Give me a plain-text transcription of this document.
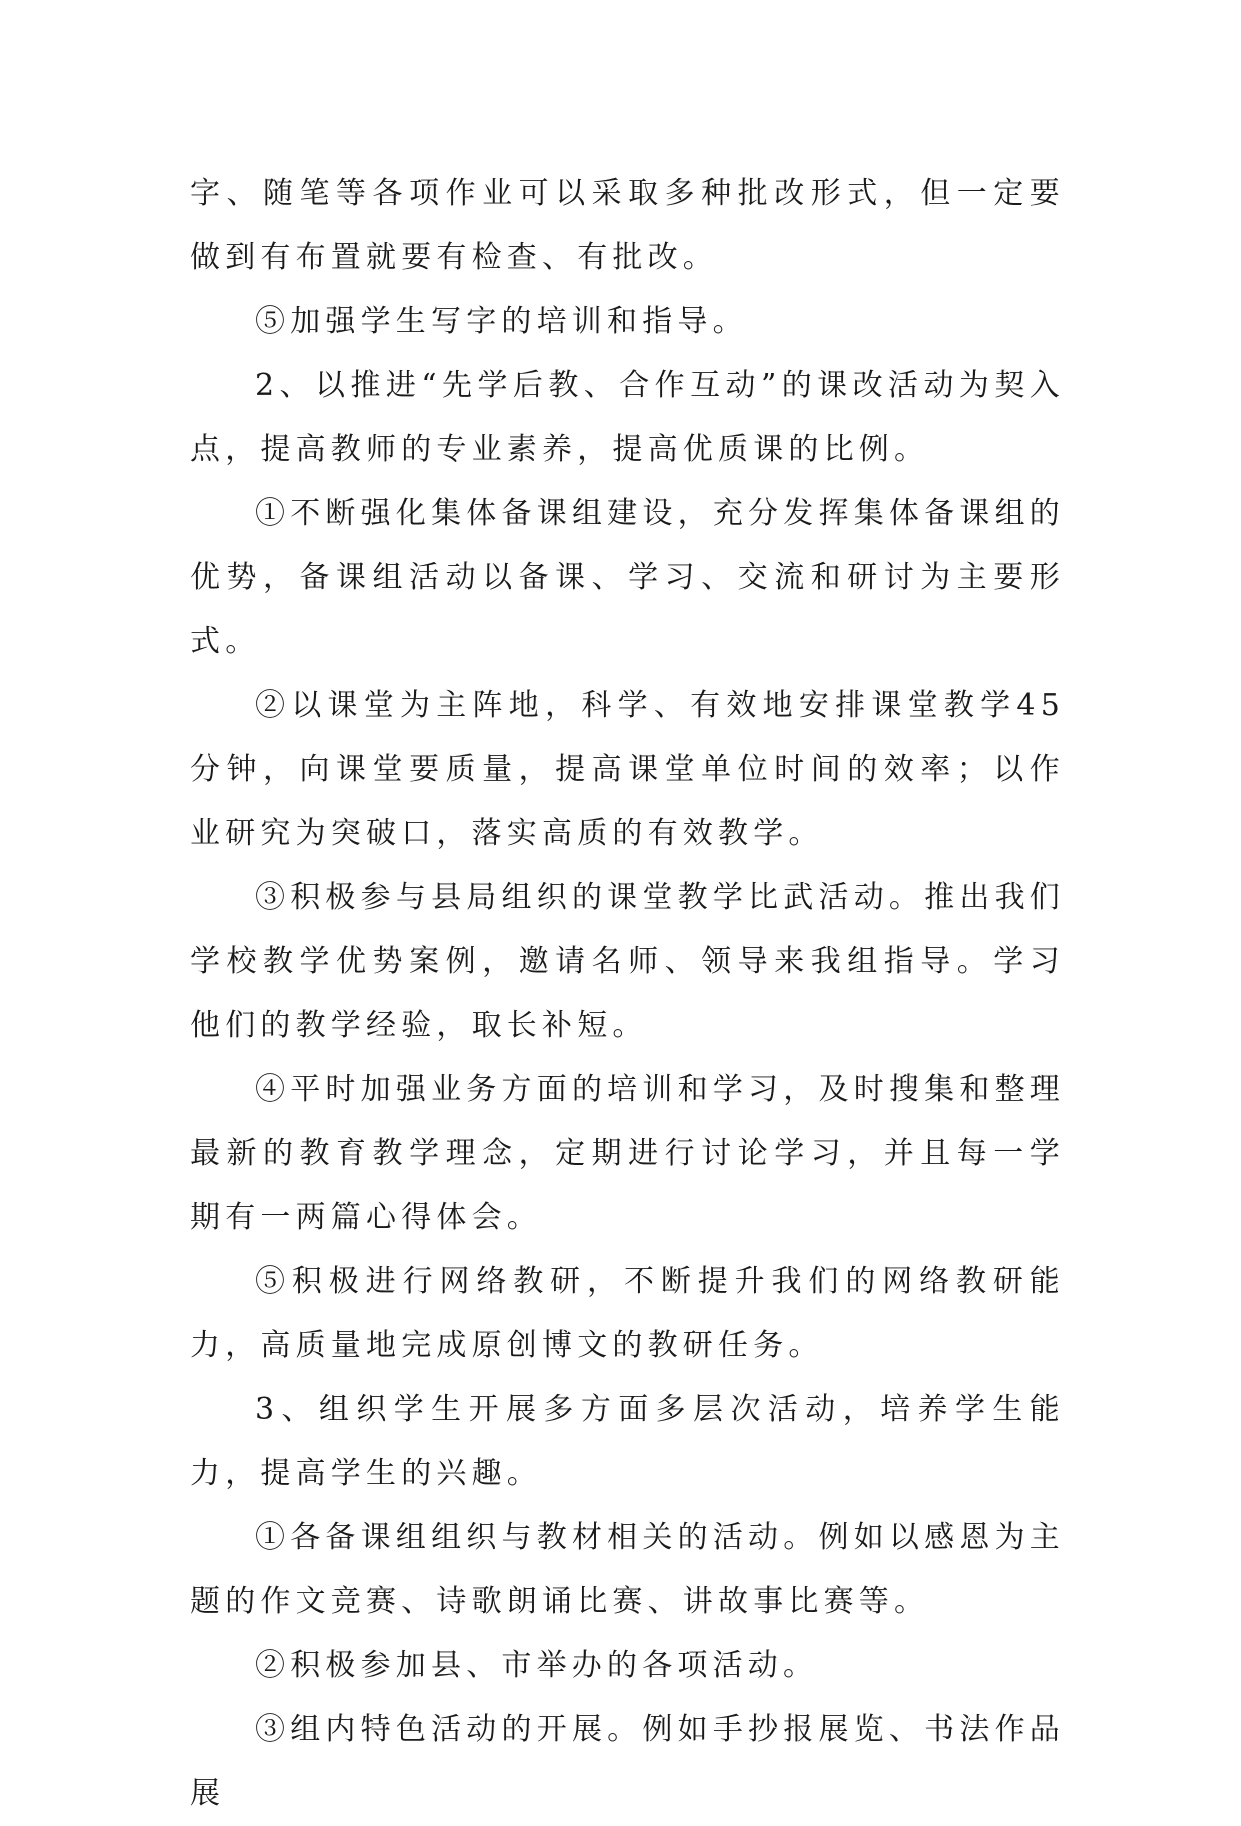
字、随笔等各项作业可以采取多种批改形式，但一定要做到有布置就要有检查、有批改。

⑤加强学生写字的培训和指导。

2、以推进“先学后教、合作互动”的课改活动为契入点，提高教师的专业素养，提高优质课的比例。

①不断强化集体备课组建设，充分发挥集体备课组的优势，备课组活动以备课、学习、交流和研讨为主要形式。

②以课堂为主阵地，科学、有效地安排课堂教学45分钟，向课堂要质量，提高课堂单位时间的效率；以作业研究为突破口，落实高质的有效教学。

③积极参与县局组织的课堂教学比武活动。推出我们学校教学优势案例，邀请名师、领导来我组指导。学习他们的教学经验，取长补短。

④平时加强业务方面的培训和学习，及时搜集和整理最新的教育教学理念，定期进行讨论学习，并且每一学期有一两篇心得体会。

⑤积极进行网络教研，不断提升我们的网络教研能力，高质量地完成原创博文的教研任务。

3、组织学生开展多方面多层次活动，培养学生能力，提高学生的兴趣。

①各备课组组织与教材相关的活动。例如以感恩为主题的作文竞赛、诗歌朗诵比赛、讲故事比赛等。

②积极参加县、市举办的各项活动。

③组内特色活动的开展。例如手抄报展览、书法作品展
